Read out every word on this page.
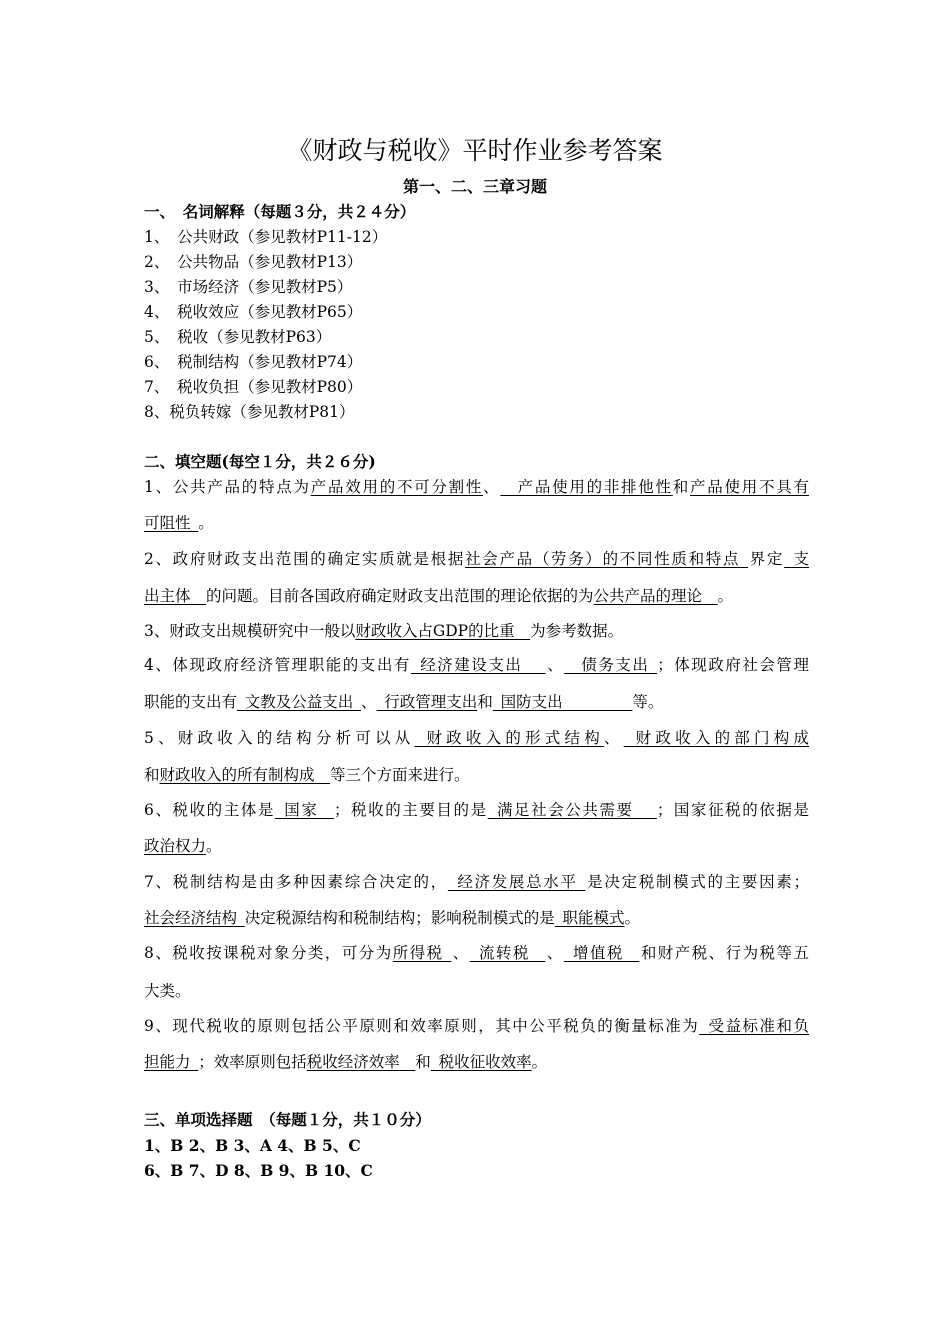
《财政与税收》平时作业参考答案
第一、二、三章习题
一、　名词解释（每题３分，共２４分）
1、　公共财政（参见教材P11-12）
2、　公共物品（参见教材P13）
3、　市场经济（参见教材P5）
4、　税收效应（参见教材P65）
5、　税收（参见教材P63）
6、　税制结构（参见教材P74）
7、　税收负担（参见教材P80）
8、税负转嫁（参见教材P81）
二、填空题(每空１分，共２６分)
1、公共产品的特点为产品效用的不可分割性、  产品使用的非排他性和产品使用不具有
可阻性  。
2、政府财政支出范围的确定实质就是根据社会产品（劳务）的不同性质和特点  界定  支
出主体  的问题。目前各国政府确定财政支出范围的理论依据的为公共产品的理论  。
3、财政支出规模研究中一般以财政收入占GDP的比重  为参考数据。
4、体现政府经济管理职能的支出有  经济建设支出   、  债务支出  ；体现政府社会管理
职能的支出有  文教及公益支出  、  行政管理支出和  国防支出     	等。
5、财政收入的结构分析可以从  财政收入的形式结构、  财政收入的部门构成
和财政收入的所有制构成  等三个方面来进行。
6、税收的主体是  国家  ；税收的主要目的是  满足社会公共需要   ；国家征税的依据是
政治权力。
7、税制结构是由多种因素综合决定的，  经济发展总水平  是决定税制模式的主要因素；
社会经济结构  决定税源结构和税制结构；影响税制模式的是  职能模式。
8、税收按课税对象分类，可分为所得税  、  流转税  、  增值税  和财产税、行为税等五
大类。
9、现代税收的原则包括公平原则和效率原则，其中公平税负的衡量标准为  受益标准和负
担能力  ；效率原则包括税收经济效率  和  税收征收效率。
三、单项选择题　（每题１分，共１０分）
1、B 2、B 3、A 4、B 5、C
6、B 7、D 8、B 9、B 10、C
